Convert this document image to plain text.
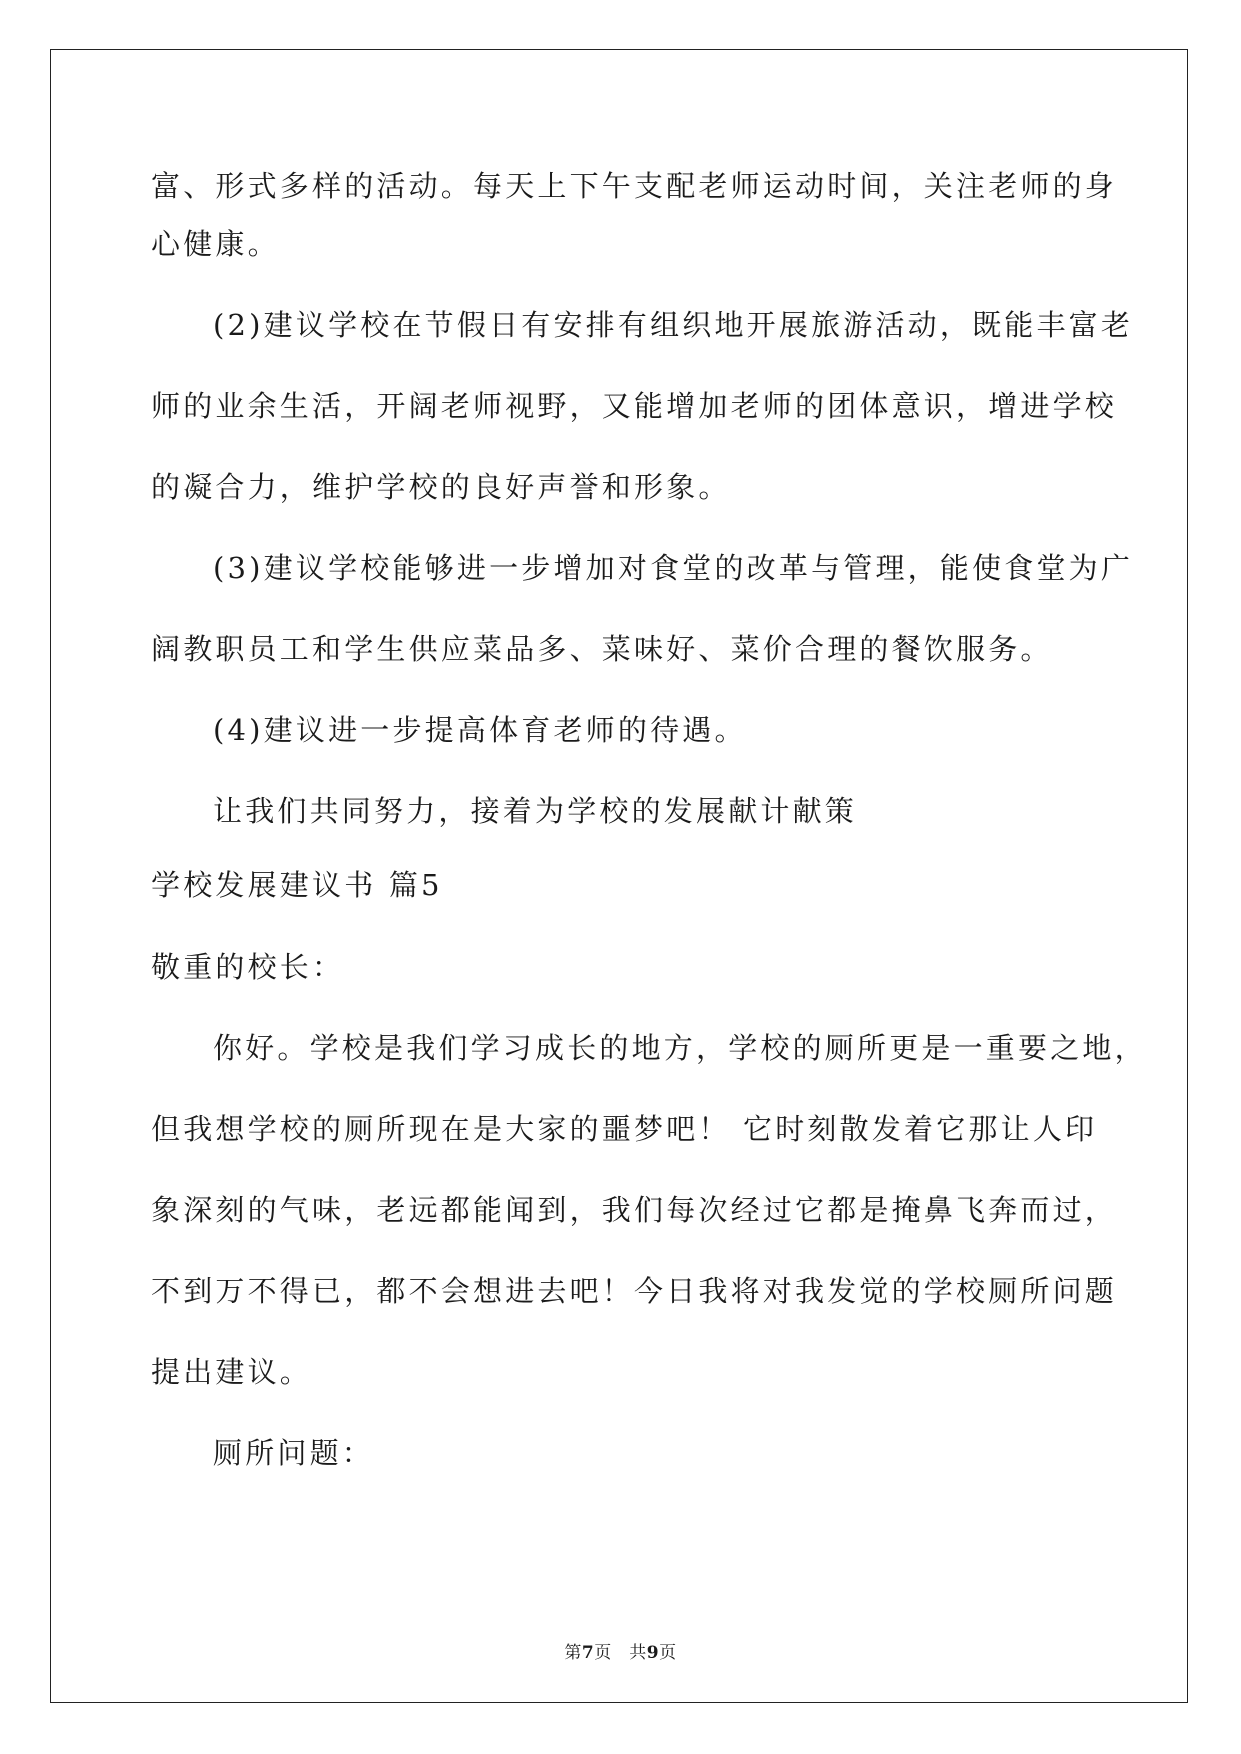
富、形式多样的活动。每天上下午支配老师运动时间，关注老师的身
心健康。
(2)建议学校在节假日有安排有组织地开展旅游活动，既能丰富老
师的业余生活，开阔老师视野，又能增加老师的团体意识，增进学校
的凝合力，维护学校的良好声誉和形象。
(3)建议学校能够进一步增加对食堂的改革与管理，能使食堂为广
阔教职员工和学生供应菜品多、菜味好、菜价合理的餐饮服务。
(4)建议进一步提高体育老师的待遇。
让我们共同努力，接着为学校的发展献计献策
学校发展建议书 篇5
敬重的校长：
你好。学校是我们学习成长的地方，学校的厕所更是一重要之地，
但我想学校的厕所现在是大家的噩梦吧！ 它时刻散发着它那让人印
象深刻的气味，老远都能闻到，我们每次经过它都是掩鼻飞奔而过，
不到万不得已，都不会想进去吧！今日我将对我发觉的学校厕所问题
提出建议。
厕所问题：
第7页　共9页
